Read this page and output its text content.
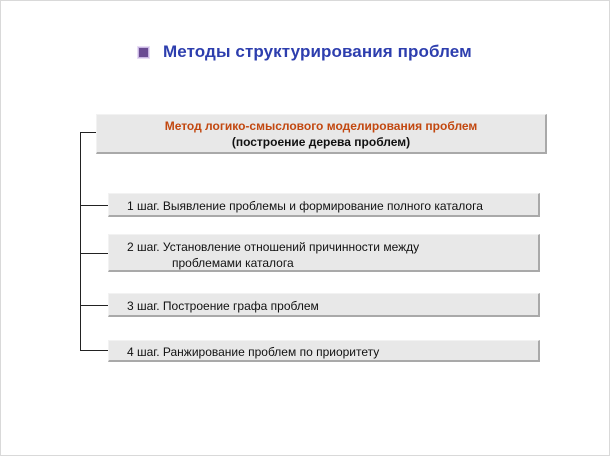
Методы структурирования проблем
Метод логико-смыслового моделирования проблем
(построение дерева проблем)
1 шаг. Выявление проблемы и формирование полного каталога
2 шаг. Установление отношений причинности между
проблемами каталога
3 шаг. Построение графа проблем
4 шаг. Ранжирование проблем по приоритету
